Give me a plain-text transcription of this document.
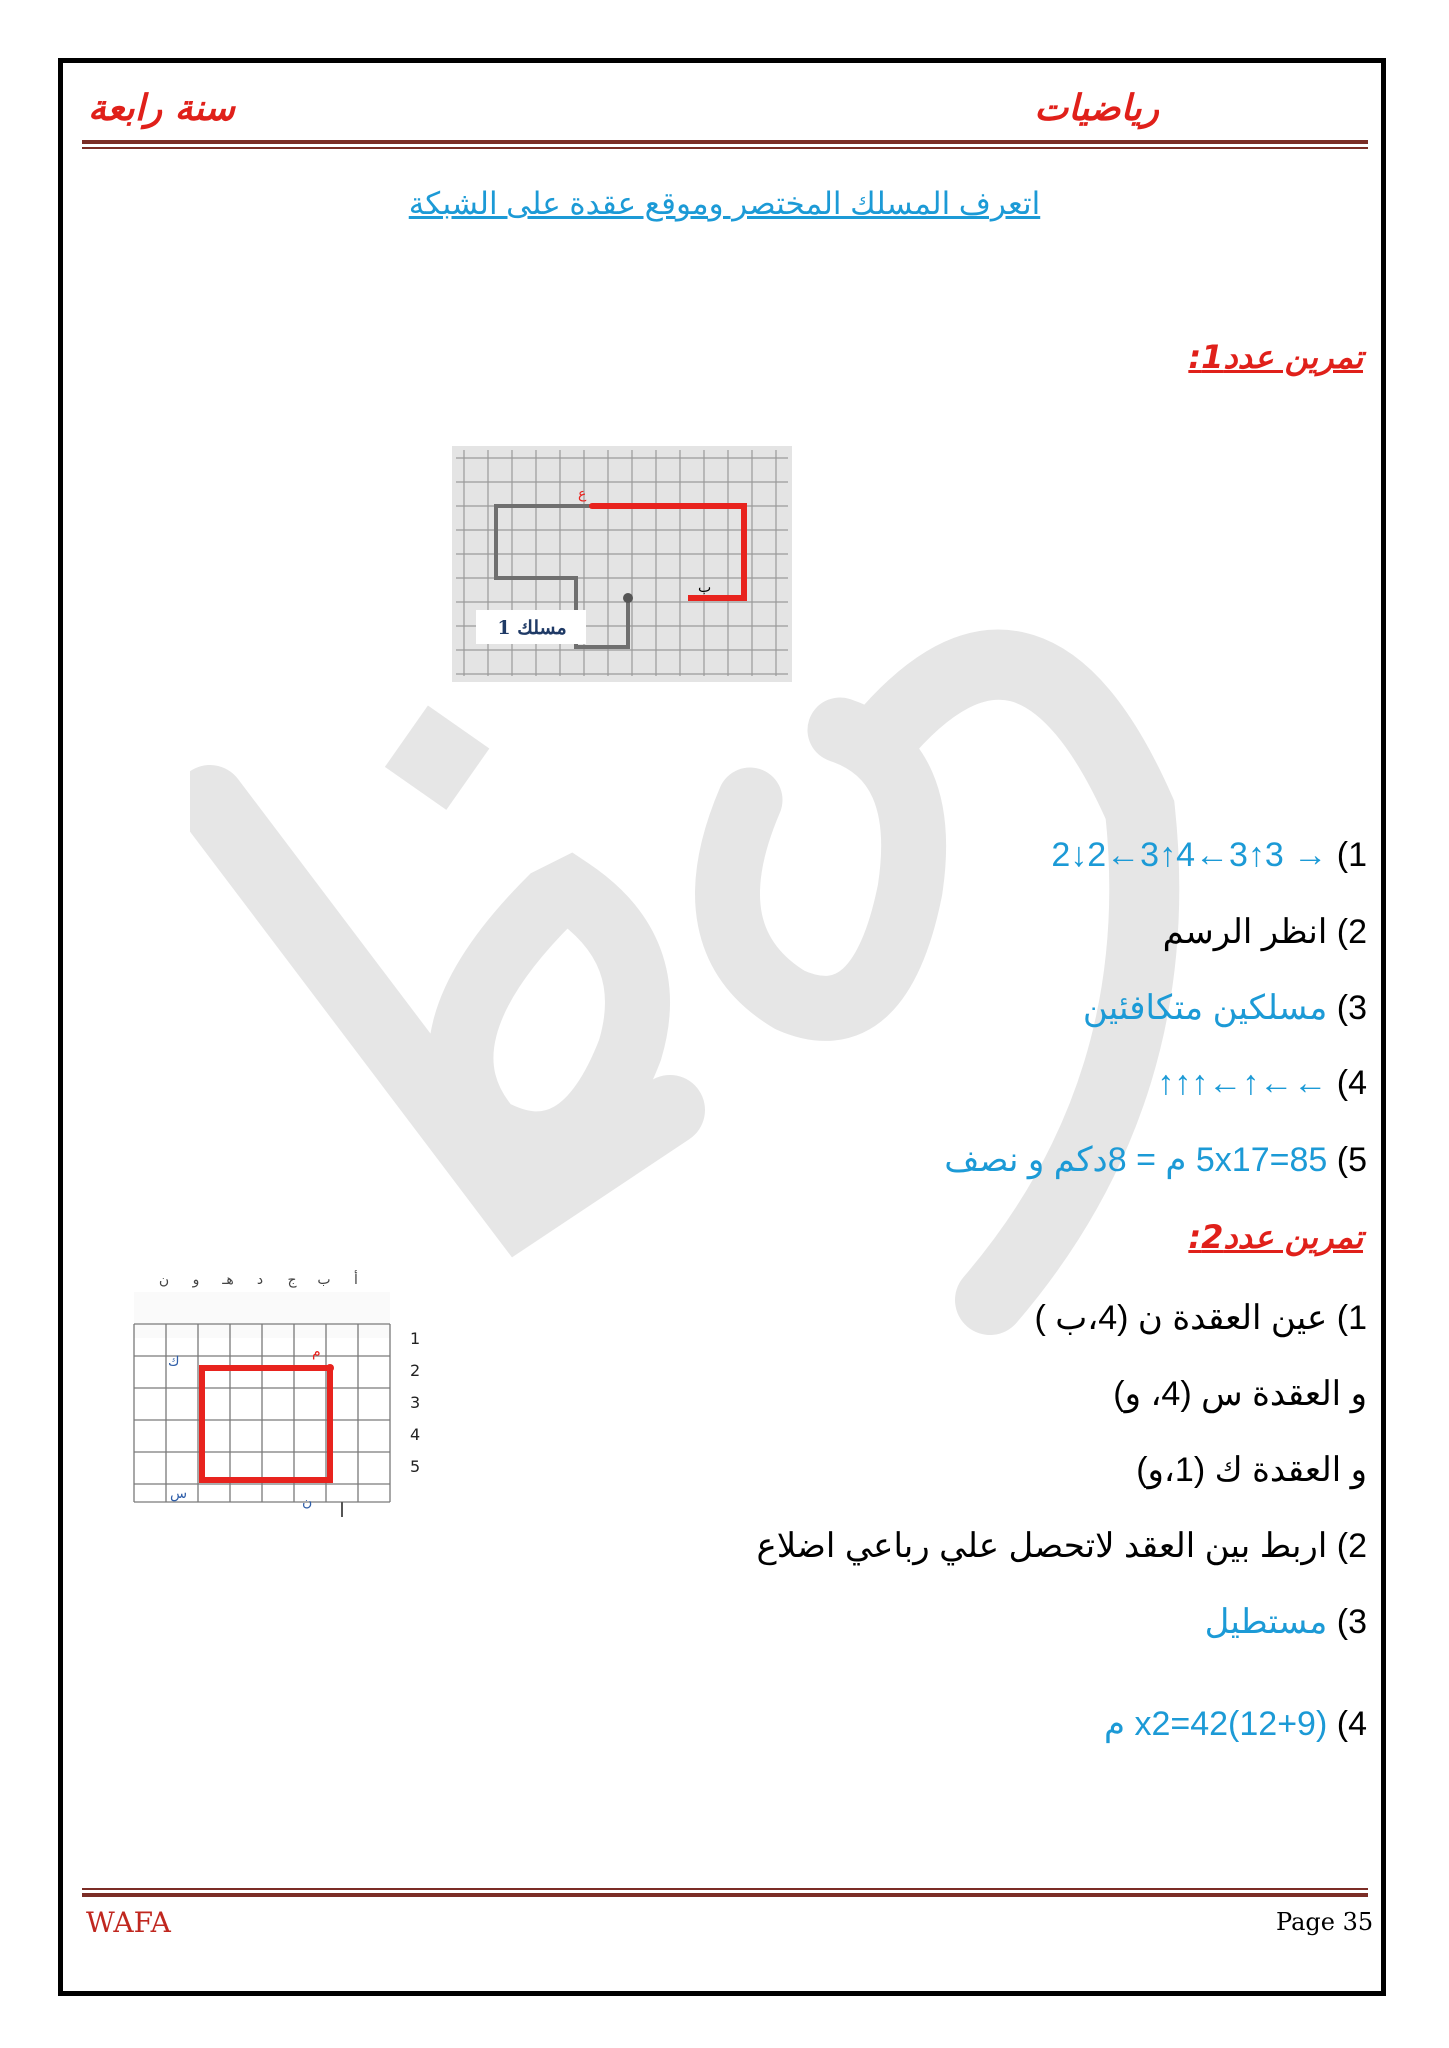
رياضيات
سنة رابعة
اتعرف المسلك المختصر وموقع عقدة على الشبكة
تمرين عدد1:
ع
ب
مسلك 1
1) → 3↑3←4↑3←2↓2
2) انظر الرسم
3) مسلكين متكافئين
4) ←←↑←↑↑↑
5) 85=5x17 م = 8دكم و نصف
تمرين عدد2:
أ
ب
ج
د
هـ
و
ن
1
2
3
4
5
ك
م
س	ن
1) عين العقدة ن (4،ب )
و العقدة س (4، و)
و العقدة ك (1،و)
2) اربط بين العقد لاتحصل علي رباعي اضلاع
3) مستطيل
4) (12+9)x2=42 م
WAFA	Page 35
